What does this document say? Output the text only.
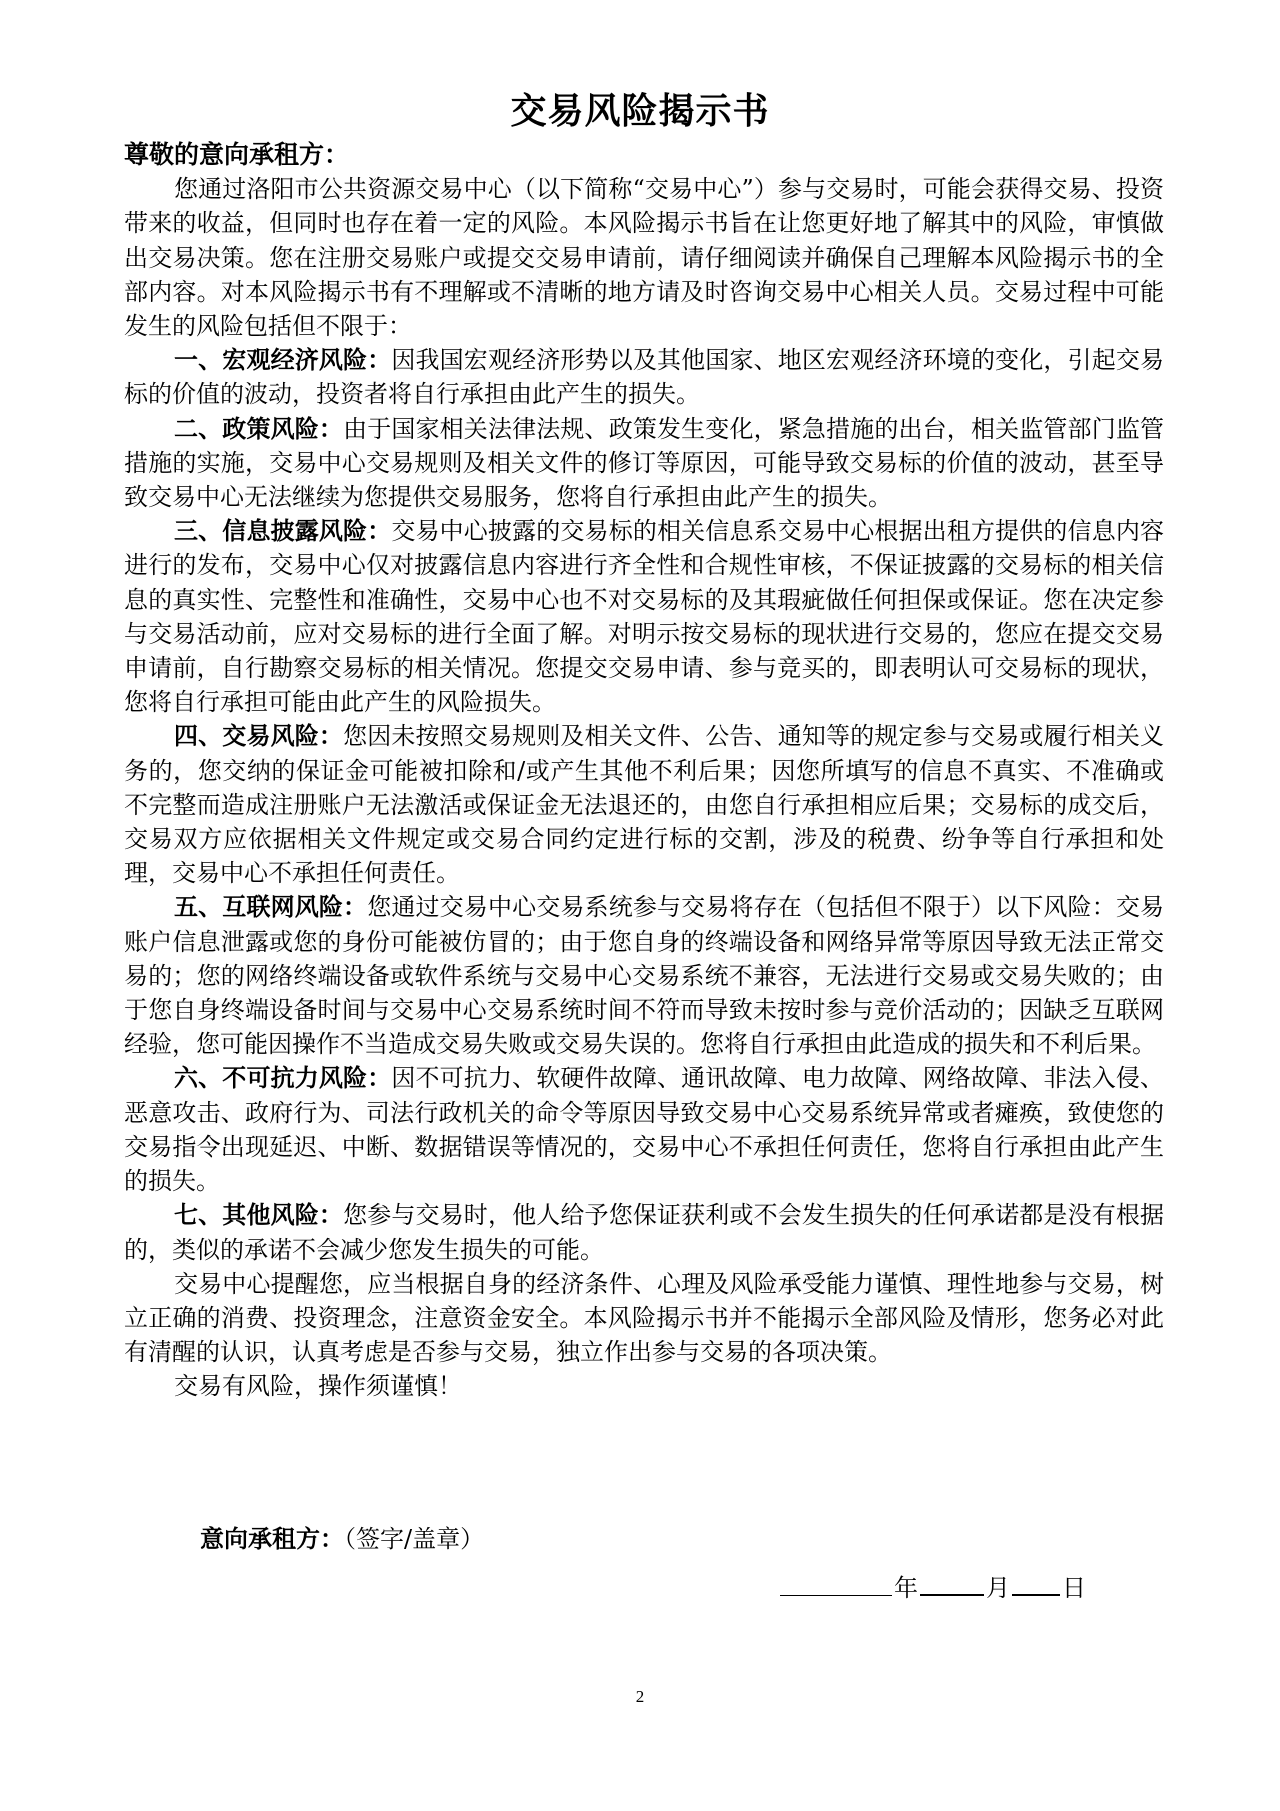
交易风险揭示书

尊敬的意向承租方：

您通过洛阳市公共资源交易中心（以下简称“交易中心”）参与交易时，可能会获得交易、投资带来的收益，但同时也存在着一定的风险。本风险揭示书旨在让您更好地了解其中的风险，审慎做出交易决策。您在注册交易账户或提交交易申请前，请仔细阅读并确保自己理解本风险揭示书的全部内容。对本风险揭示书有不理解或不清晰的地方请及时咨询交易中心相关人员。交易过程中可能发生的风险包括但不限于：

一、宏观经济风险：因我国宏观经济形势以及其他国家、地区宏观经济环境的变化，引起交易标的价值的波动，投资者将自行承担由此产生的损失。

二、政策风险：由于国家相关法律法规、政策发生变化，紧急措施的出台，相关监管部门监管措施的实施，交易中心交易规则及相关文件的修订等原因，可能导致交易标的价值的波动，甚至导致交易中心无法继续为您提供交易服务，您将自行承担由此产生的损失。

三、信息披露风险：交易中心披露的交易标的相关信息系交易中心根据出租方提供的信息内容进行的发布，交易中心仅对披露信息内容进行齐全性和合规性审核，不保证披露的交易标的相关信息的真实性、完整性和准确性，交易中心也不对交易标的及其瑕疵做任何担保或保证。您在决定参与交易活动前，应对交易标的进行全面了解。对明示按交易标的现状进行交易的，您应在提交交易申请前，自行勘察交易标的相关情况。您提交交易申请、参与竞买的，即表明认可交易标的现状，您将自行承担可能由此产生的风险损失。

四、交易风险：您因未按照交易规则及相关文件、公告、通知等的规定参与交易或履行相关义务的，您交纳的保证金可能被扣除和/或产生其他不利后果；因您所填写的信息不真实、不准确或不完整而造成注册账户无法激活或保证金无法退还的，由您自行承担相应后果；交易标的成交后，交易双方应依据相关文件规定或交易合同约定进行标的交割，涉及的税费、纷争等自行承担和处理，交易中心不承担任何责任。

五、互联网风险：您通过交易中心交易系统参与交易将存在（包括但不限于）以下风险：交易账户信息泄露或您的身份可能被仿冒的；由于您自身的终端设备和网络异常等原因导致无法正常交易的；您的网络终端设备或软件系统与交易中心交易系统不兼容，无法进行交易或交易失败的；由于您自身终端设备时间与交易中心交易系统时间不符而导致未按时参与竞价活动的；因缺乏互联网经验，您可能因操作不当造成交易失败或交易失误的。您将自行承担由此造成的损失和不利后果。

六、不可抗力风险：因不可抗力、软硬件故障、通讯故障、电力故障、网络故障、非法入侵、恶意攻击、政府行为、司法行政机关的命令等原因导致交易中心交易系统异常或者瘫痪，致使您的交易指令出现延迟、中断、数据错误等情况的，交易中心不承担任何责任，您将自行承担由此产生的损失。

七、其他风险：您参与交易时，他人给予您保证获利或不会发生损失的任何承诺都是没有根据的，类似的承诺不会减少您发生损失的可能。

交易中心提醒您，应当根据自身的经济条件、心理及风险承受能力谨慎、理性地参与交易，树立正确的消费、投资理念，注意资金安全。本风险揭示书并不能揭示全部风险及情形，您务必对此有清醒的认识，认真考虑是否参与交易，独立作出参与交易的各项决策。

交易有风险，操作须谨慎！

意向承租方：（签字/盖章）
年	月 日
2
